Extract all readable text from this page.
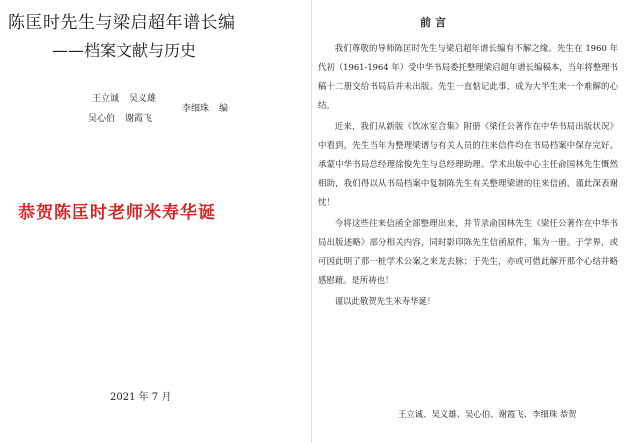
陈匡时先生与梁启超年谱长编
——档案文献与历史
王立诚 吴义雄
李细珠 编
吴心伯 谢霞飞
恭贺陈匡时老师米寿华诞
2021 年 7 月
前言

我们尊敬的导师陈匡时先生与梁启超年谱长编有不解之缘。先生在 1960 年代初（1961-1964 年）受中华书局委托整理梁启超年谱长编稿本，当年将整理书稿十二册交给书局后并未出版。先生一直惦记此事，成为大半生来一个难解的心结。

近来，我们从新版《饮冰室合集》附册《梁任公著作在中华书局出版状况》中看到，先生当年为整理梁谱与有关人员的往来信件均在书局档案中保存完好。承蒙中华书局总经理徐俊先生与总经理助理、学术出版中心主任俞国林先生慨然相助，我们得以从书局档案中复制陈先生有关整理梁谱的往来信函，谨此深表谢忱！

今将这些往来信函全部整理出来，并节录俞国林先生《梁任公著作在中华书局出版述略》部分相关内容，同时影印陈先生信函原件，集为一册。于学界，或可因此明了那一桩学术公案之来龙去脉；于先生，亦或可借此解开那个心结并略感慰藉。是所祷也！

谨以此敬贺先生米寿华诞！

王立诚、吴义雄、吴心伯、谢霞飞、李细珠 恭贺
